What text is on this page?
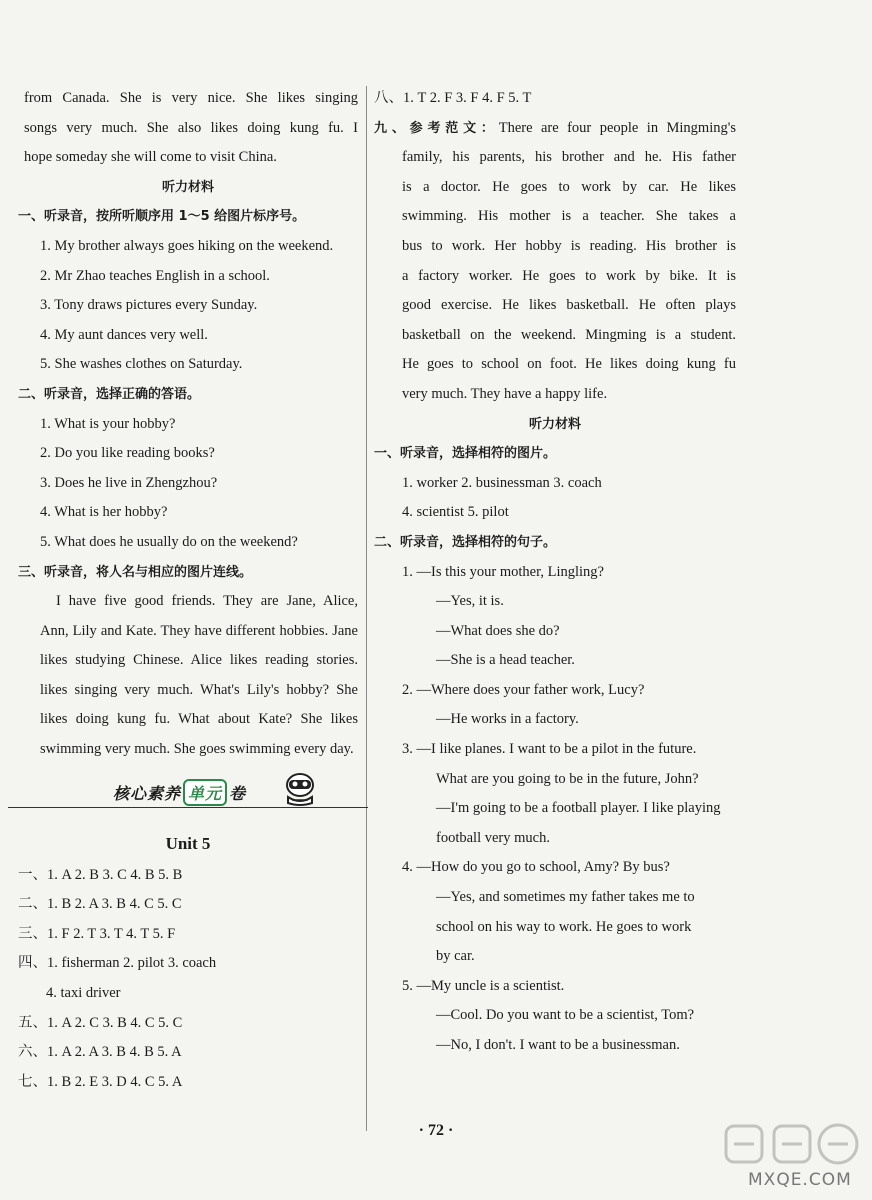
from Canada. She is very nice. She likes singing
songs very much. She also likes doing kung fu. I
hope someday she will come to visit China.
听力材料
一、听录音，按所听顺序用 1～5 给图片标序号。
1. My brother always goes hiking on the weekend.
2. Mr Zhao teaches English in a school.
3. Tony draws pictures every Sunday.
4. My aunt dances very well.
5. She washes clothes on Saturday.
二、听录音，选择正确的答语。
1. What is your hobby?
2. Do you like reading books?
3. Does he live in Zhengzhou?
4. What is her hobby?
5. What does he usually do on the weekend?
三、听录音，将人名与相应的图片连线。
I have five good friends. They are Jane, Alice,
Ann, Lily and Kate. They have different hobbies. Jane
likes studying Chinese. Alice likes reading stories.
likes singing very much. What's Lily's hobby? She
likes doing kung fu. What about Kate? She likes
swimming very much. She goes swimming every day.
核心素养 单元 卷
Unit 5
一、1. A 2. B 3. C 4. B 5. B
二、1. B 2. A 3. B 4. C 5. C
三、1. F 2. T 3. T 4. T 5. F
四、1. fisherman 2. pilot 3. coach
4. taxi driver
五、1. A 2. C 3. B 4. C 5. C
六、1. A 2. A 3. B 4. B 5. A
七、1. B 2. E 3. D 4. C 5. A
八、1. T 2. F 3. F 4. F 5. T
九、参考范文：There are four people in Mingming's
family, his parents, his brother and he. His father
is a doctor. He goes to work by car. He likes
swimming. His mother is a teacher. She takes a
bus to work. Her hobby is reading. His brother is
a factory worker. He goes to work by bike. It is
good exercise. He likes basketball. He often plays
basketball on the weekend. Mingming is a student.
He goes to school on foot. He likes doing kung fu
very much. They have a happy life.
听力材料
一、听录音，选择相符的图片。
1. worker 2. businessman 3. coach
4. scientist 5. pilot
二、听录音，选择相符的句子。
1. —Is this your mother, Lingling?
—Yes, it is.
—What does she do?
—She is a head teacher.
2. —Where does your father work, Lucy?
—He works in a factory.
3. —I like planes. I want to be a pilot in the future.
What are you going to be in the future, John?
—I'm going to be a football player. I like playing
football very much.
4. —How do you go to school, Amy? By bus?
—Yes, and sometimes my father takes me to
school on his way to work. He goes to work
by car.
5. —My uncle is a scientist.
—Cool. Do you want to be a scientist, Tom?
—No, I don't. I want to be a businessman.
· 72 ·
MXQE.COM
